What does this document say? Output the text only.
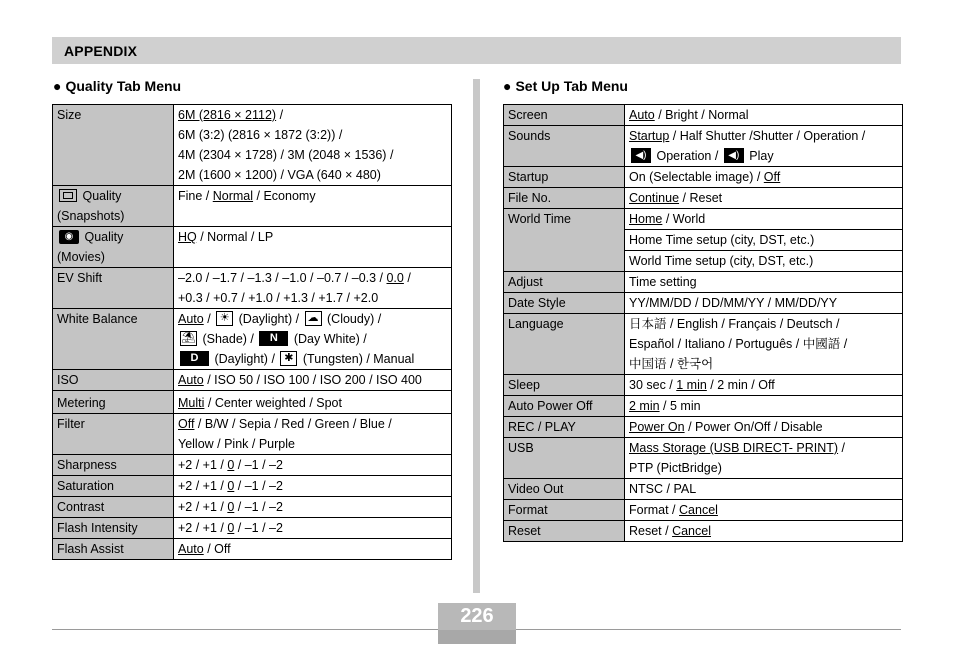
APPENDIX
● Quality Tab Menu	● Set Up Tab Menu
Size	6M (2816 × 2112) /
6M (3:2) (2816 × 1872 (3:2)) /
4M (2304 × 1728) / 3M (2048 × 1536) /
2M (1600 × 1200) / VGA (640 × 480)

Quality
(Snapshots)	Fine / Normal / Economy

◉ Quality
(Movies)	HQ / Normal / LP

EV Shift	–2.0 / –1.7 / –1.3 / –1.0 / –0.7 / –0.3 / 0.0 /
+0.3 / +0.7 / +1.0 / +1.3 / +1.7 / +2.0

White Balance	Auto / ☀ (Daylight) / ☁ (Cloudy) /
⛱ (Shade) / N (Day White) /
D (Daylight) / ✱ (Tungsten) / Manual

ISO	Auto / ISO 50 / ISO 100 / ISO 200 / ISO 400
Metering	Multi / Center weighted / Spot
Filter	Off / B/W / Sepia / Red / Green / Blue /
Yellow / Pink / Purple

Sharpness	+2 / +1 / 0 / –1 / –2
Saturation	+2 / +1 / 0 / –1 / –2
Contrast	+2 / +1 / 0 / –1 / –2
Flash Intensity	+2 / +1 / 0 / –1 / –2
Flash Assist	Auto / Off
Screen	Auto / Bright / Normal
Sounds	Startup / Half Shutter /Shutter / Operation /
◀) Operation / ◀) Play

Startup	On (Selectable image) / Off
File No.	Continue / Reset
World Time	Home / World
	Home Time setup (city, DST, etc.)
	World Time setup (city, DST, etc.)
Adjust	Time setting
Date Style	YY/MM/DD / DD/MM/YY / MM/DD/YY
Language	日本語 / English / Français / Deutsch /
Español / Italiano / Português / 中國語 /
中国语 / 한국어

Sleep	30 sec / 1 min / 2 min / Off
Auto Power Off	2 min / 5 min
REC / PLAY	Power On / Power On/Off / Disable
USB	Mass Storage (USB DIRECT- PRINT) /
PTP (PictBridge)

Video Out	NTSC / PAL
Format	Format / Cancel
Reset	Reset / Cancel
226
